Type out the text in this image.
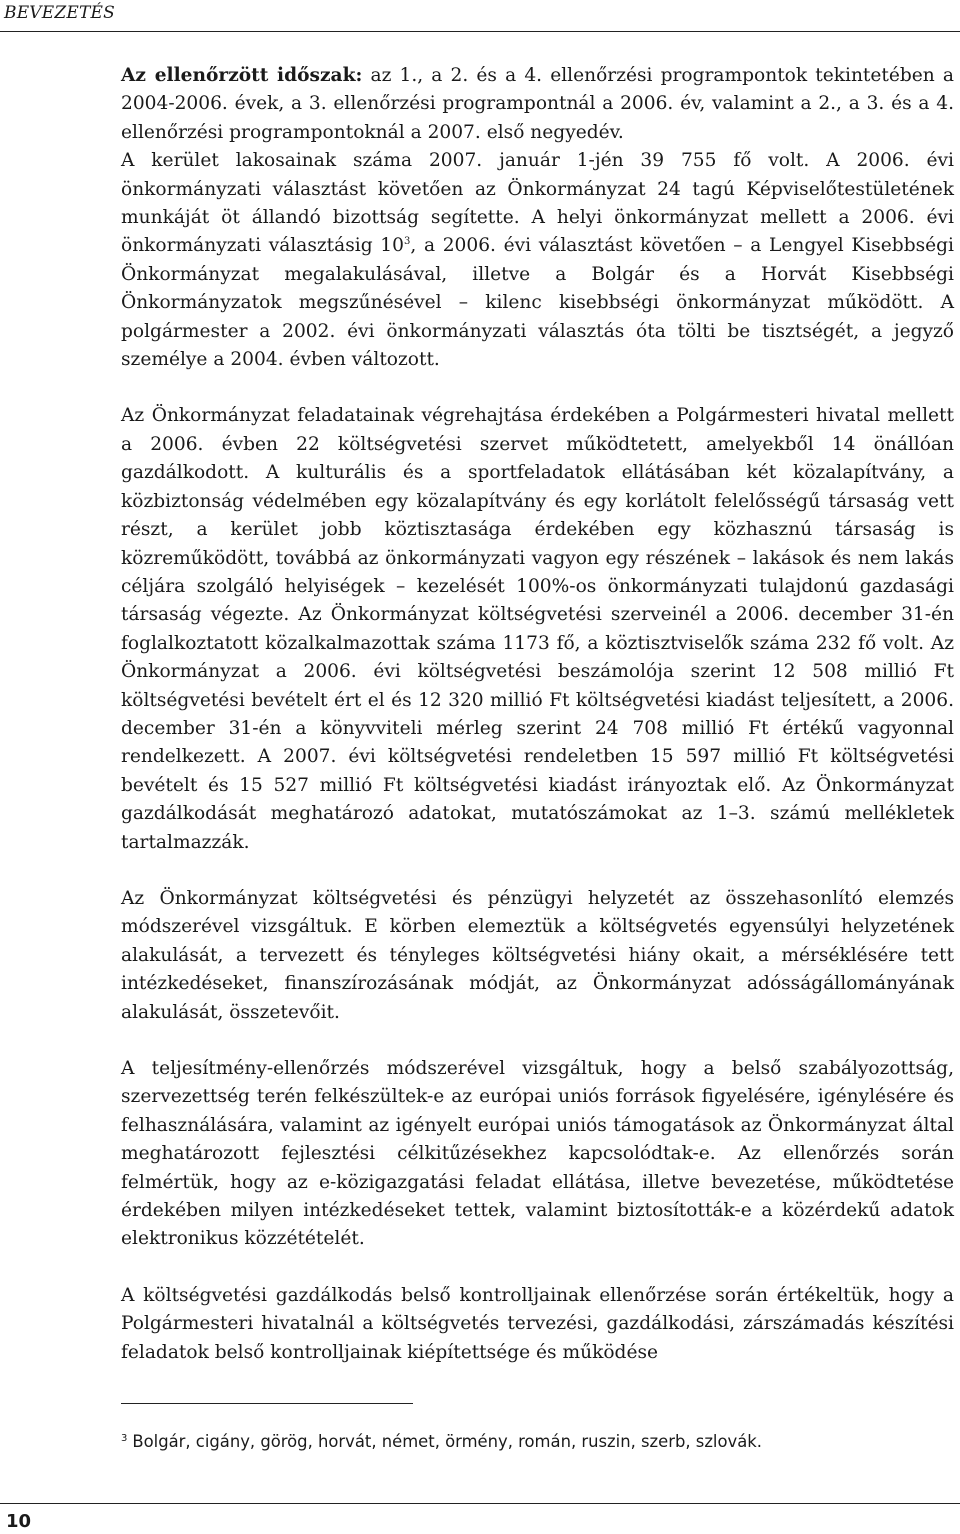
BEVEZETÉS

Az ellenőrzött időszak: az 1., a 2. és a 4. ellenőrzési programpontok tekintetében a 2004-2006. évek, a 3. ellenőrzési programpontnál a 2006. év, valamint a 2., a 3. és a 4. ellenőrzési programpontoknál a 2007. első negyedév.

A kerület lakosainak száma 2007. január 1-jén 39 755 fő volt. A 2006. évi önkormányzati választást követően az Önkormányzat 24 tagú Képviselőtestületének munkáját öt állandó bizottság segítette. A helyi önkormányzat mellett a 2006. évi önkormányzati választásig 10$^3$, a 2006. évi választást követően – a Lengyel Kisebbségi Önkormányzat megalakulásával, illetve a Bolgár és a Horvát Kisebbségi Önkormányzatok megszűnésével – kilenc kisebbségi önkormányzat működött. A polgármester a 2002. évi önkormányzati választás óta tölti be tisztségét, a jegyző személye a 2004. évben változott.

Az Önkormányzat feladatainak végrehajtása érdekében a Polgármesteri hivatal mellett a 2006. évben 22 költségvetési szervet működtetett, amelyekből 14 önállóan gazdálkodott. A kulturális és a sportfeladatok ellátásában két közalapítvány, a közbiztonság védelmében egy közalapítvány és egy korlátolt felelősségű társaság vett részt, a kerület jobb köztisztasága érdekében egy közhasznú társaság is közreműködött, továbbá az önkormányzati vagyon egy részének – lakások és nem lakás céljára szolgáló helyiségek – kezelését 100%-os önkormányzati tulajdonú gazdasági társaság végezte. Az Önkormányzat költségvetési szerveinél a 2006. december 31-én foglalkoztatott közalkalmazottak száma 1173 fő, a köztisztviselők száma 232 fő volt. Az Önkormányzat a 2006. évi költségvetési beszámolója szerint 12 508 millió Ft költségvetési bevételt ért el és 12 320 millió Ft költségvetési kiadást teljesített, a 2006. december 31-én a könyvviteli mérleg szerint 24 708 millió Ft értékű vagyonnal rendelkezett. A 2007. évi költségvetési rendeletben 15 597 millió Ft költségvetési bevételt és 15 527 millió Ft költségvetési kiadást irányoztak elő. Az Önkormányzat gazdálkodását meghatározó adatokat, mutatószámokat az 1–3. számú mellékletek tartalmazzák.

Az Önkormányzat költségvetési és pénzügyi helyzetét az összehasonlító elemzés módszerével vizsgáltuk. E körben elemeztük a költségvetés egyensúlyi helyzetének alakulását, a tervezett és tényleges költségvetési hiány okait, a mérséklésére tett intézkedéseket, finanszírozásának módját, az Önkormányzat adósságállományának alakulását, összetevőit.

A teljesítmény-ellenőrzés módszerével vizsgáltuk, hogy a belső szabályozottság, szervezettség terén felkészültek-e az európai uniós források figyelésére, igénylésére és felhasználására, valamint az igényelt európai uniós támogatások az Önkormányzat által meghatározott fejlesztési célkitűzésekhez kapcsolódtak-e. Az ellenőrzés során felmértük, hogy az e-közigazgatási feladat ellátása, illetve bevezetése, működtetése érdekében milyen intézkedéseket tettek, valamint biztosították-e a közérdekű adatok elektronikus közzétételét.

A költségvetési gazdálkodás belső kontrolljainak ellenőrzése során értékeltük, hogy a Polgármesteri hivatalnál a költségvetés tervezési, gazdálkodási, zárszámadás készítési feladatok belső kontrolljainak kiépítettsége és működése

$^3$ Bolgár, cigány, görög, horvát, német, örmény, román, ruszin, szerb, szlovák.
10
